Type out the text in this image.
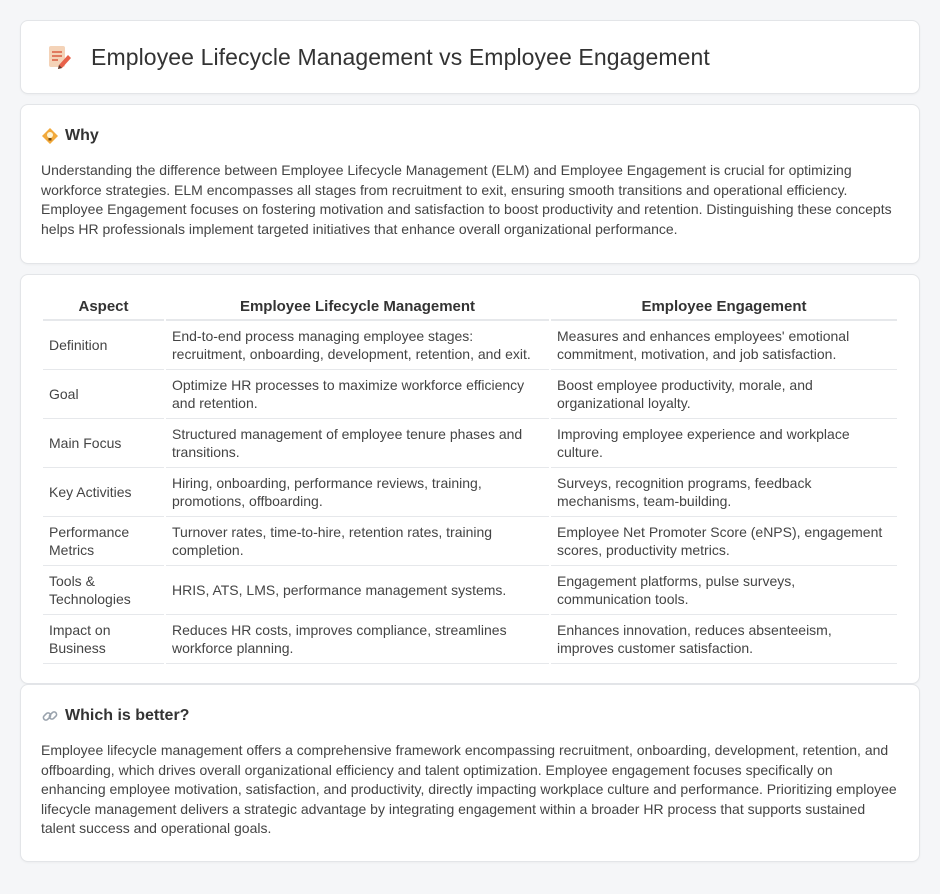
Employee Lifecycle Management vs Employee Engagement
Why

Understanding the difference between Employee Lifecycle Management (ELM) and Employee Engagement is crucial for optimizing workforce strategies. ELM encompasses all stages from recruitment to exit, ensuring smooth transitions and operational efficiency. Employee Engagement focuses on fostering motivation and satisfaction to boost productivity and retention. Distinguishing these concepts helps HR professionals implement targeted initiatives that enhance overall organizational performance.

Aspect	Employee Lifecycle Management	Employee Engagement
Definition	End-to-end process managing employee stages: recruitment, onboarding, development, retention, and exit.	Measures and enhances employees' emotional commitment, motivation, and job satisfaction.
Goal	Optimize HR processes to maximize workforce efficiency and retention.	Boost employee productivity, morale, and organizational loyalty.
Main Focus	Structured management of employee tenure phases and transitions.	Improving employee experience and workplace culture.
Key Activities	Hiring, onboarding, performance reviews, training, promotions, offboarding.	Surveys, recognition programs, feedback mechanisms, team-building.
Performance Metrics	Turnover rates, time-to-hire, retention rates, training completion.	Employee Net Promoter Score (eNPS), engagement scores, productivity metrics.
Tools & Technologies	HRIS, ATS, LMS, performance management systems.	Engagement platforms, pulse surveys, communication tools.
Impact on Business	Reduces HR costs, improves compliance, streamlines workforce planning.	Enhances innovation, reduces absenteeism, improves customer satisfaction.
Which is better?

Employee lifecycle management offers a comprehensive framework encompassing recruitment, onboarding, development, retention, and offboarding, which drives overall organizational efficiency and talent optimization. Employee engagement focuses specifically on enhancing employee motivation, satisfaction, and productivity, directly impacting workplace culture and performance. Prioritizing employee lifecycle management delivers a strategic advantage by integrating engagement within a broader HR process that supports sustained talent success and operational goals.
